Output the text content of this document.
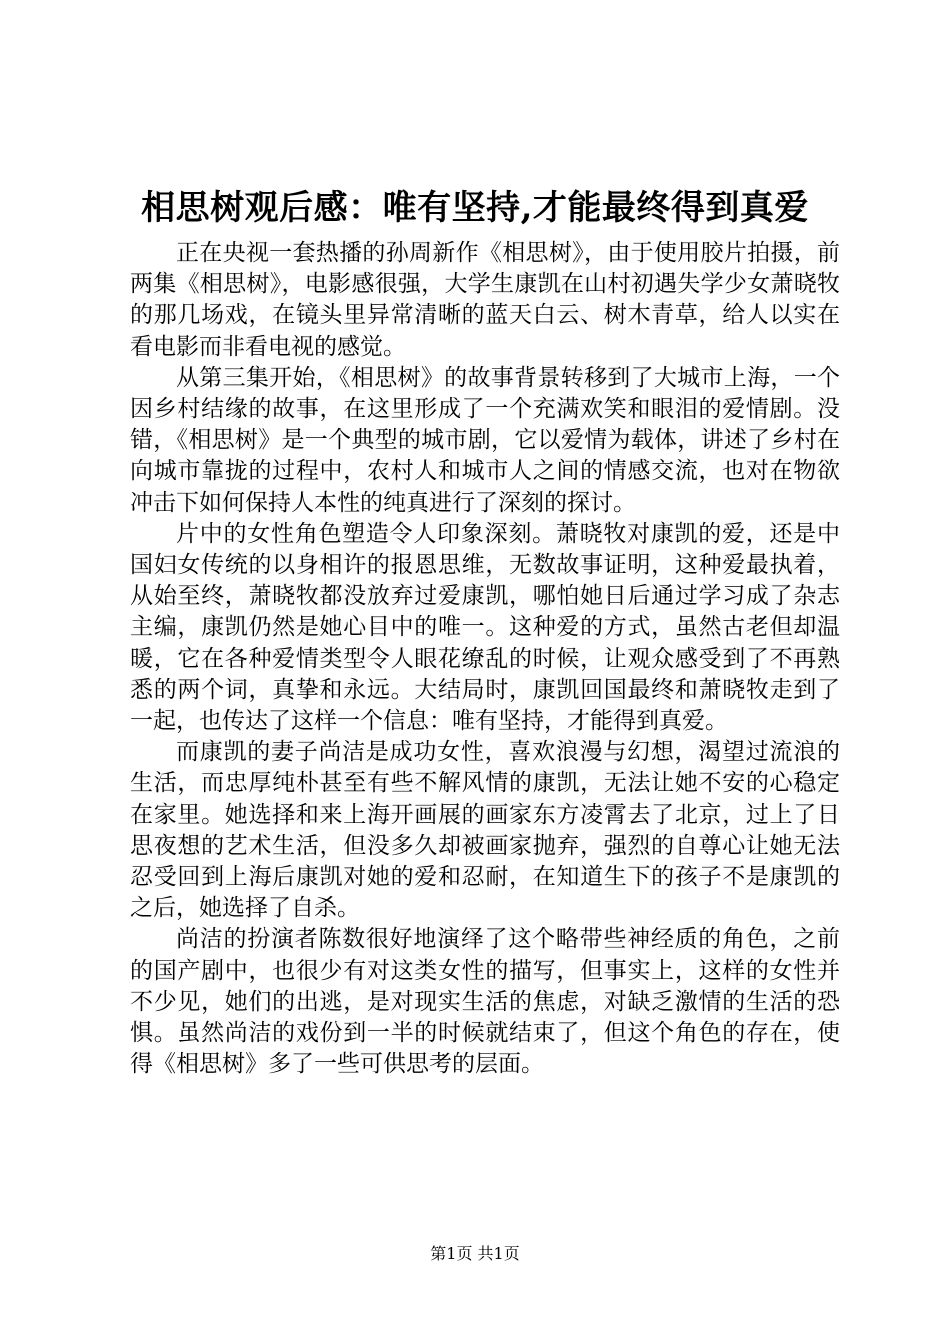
相思树观后感：唯有坚持,才能最终得到真爱

正在央视一套热播的孙周新作《相思树》，由于使用胶片拍摄，前两集《相思树》，电影感很强，大学生康凯在山村初遇失学少女萧晓牧的那几场戏，在镜头里异常清晰的蓝天白云、树木青草，给人以实在看电影而非看电视的感觉。

从第三集开始，《相思树》的故事背景转移到了大城市上海，一个因乡村结缘的故事，在这里形成了一个充满欢笑和眼泪的爱情剧。没错，《相思树》是一个典型的城市剧，它以爱情为载体，讲述了乡村在向城市靠拢的过程中，农村人和城市人之间的情感交流，也对在物欲冲击下如何保持人本性的纯真进行了深刻的探讨。

片中的女性角色塑造令人印象深刻。萧晓牧对康凯的爱，还是中国妇女传统的以身相许的报恩思维，无数故事证明，这种爱最执着，从始至终，萧晓牧都没放弃过爱康凯，哪怕她日后通过学习成了杂志主编，康凯仍然是她心目中的唯一。这种爱的方式，虽然古老但却温暖，它在各种爱情类型令人眼花缭乱的时候，让观众感受到了不再熟悉的两个词，真挚和永远。大结局时，康凯回国最终和萧晓牧走到了一起，也传达了这样一个信息：唯有坚持，才能得到真爱。

而康凯的妻子尚洁是成功女性，喜欢浪漫与幻想，渴望过流浪的生活，而忠厚纯朴甚至有些不解风情的康凯，无法让她不安的心稳定在家里。她选择和来上海开画展的画家东方凌霄去了北京，过上了日思夜想的艺术生活，但没多久却被画家抛弃，强烈的自尊心让她无法忍受回到上海后康凯对她的爱和忍耐，在知道生下的孩子不是康凯的之后，她选择了自杀。

尚洁的扮演者陈数很好地演绎了这个略带些神经质的角色，之前的国产剧中，也很少有对这类女性的描写，但事实上，这样的女性并不少见，她们的出逃，是对现实生活的焦虑，对缺乏激情的生活的恐惧。虽然尚洁的戏份到一半的时候就结束了，但这个角色的存在，使得《相思树》多了一些可供思考的层面。

第1页 共1页
